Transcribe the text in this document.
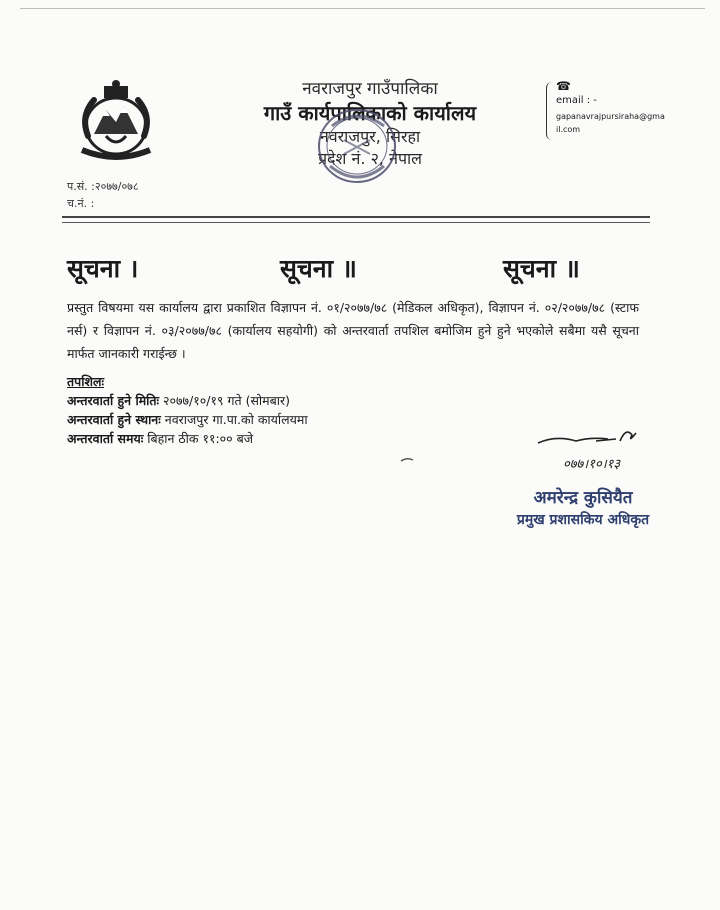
नवराजपुर गाउँपालिका
गाउँ कार्यपालिकाको कार्यालय
नवराजपुर, सिरहा
प्रदेश नं. २, नेपाल
☎
email : -
gapanavrajpursiraha@gmail.com
प.सं. :२०७७/०७८
च.नं. :
सूचना ।	सूचना ॥	सूचना ॥
प्रस्तुत विषयमा यस कार्यालय द्वारा प्रकाशित विज्ञापन नं. ०१/२०७७/७८ (मेडिकल अधिकृत), विज्ञापन नं. ०२/२०७७/७८ (स्टाफ नर्स) र विज्ञापन नं. ०३/२०७७/७८ (कार्यालय सहयोगी) को अन्तरवार्ता तपशिल बमोजिम हुने हुने भएकोले सबैमा यसै सूचना मार्फत जानकारी गराईन्छ ।
तपशिलः
अन्तरवार्ता हुने मितिः २०७७/१०/१९ गते (सोमबार)
अन्तरवार्ता हुने स्थानः नवराजपुर गा.पा.को कार्यालयमा
अन्तरवार्ता समयः बिहान ठीक ११:०० बजे
०७७।१०।१३
अमरेन्द्र कुसियैत
प्रमुख प्रशासकिय अधिकृत
